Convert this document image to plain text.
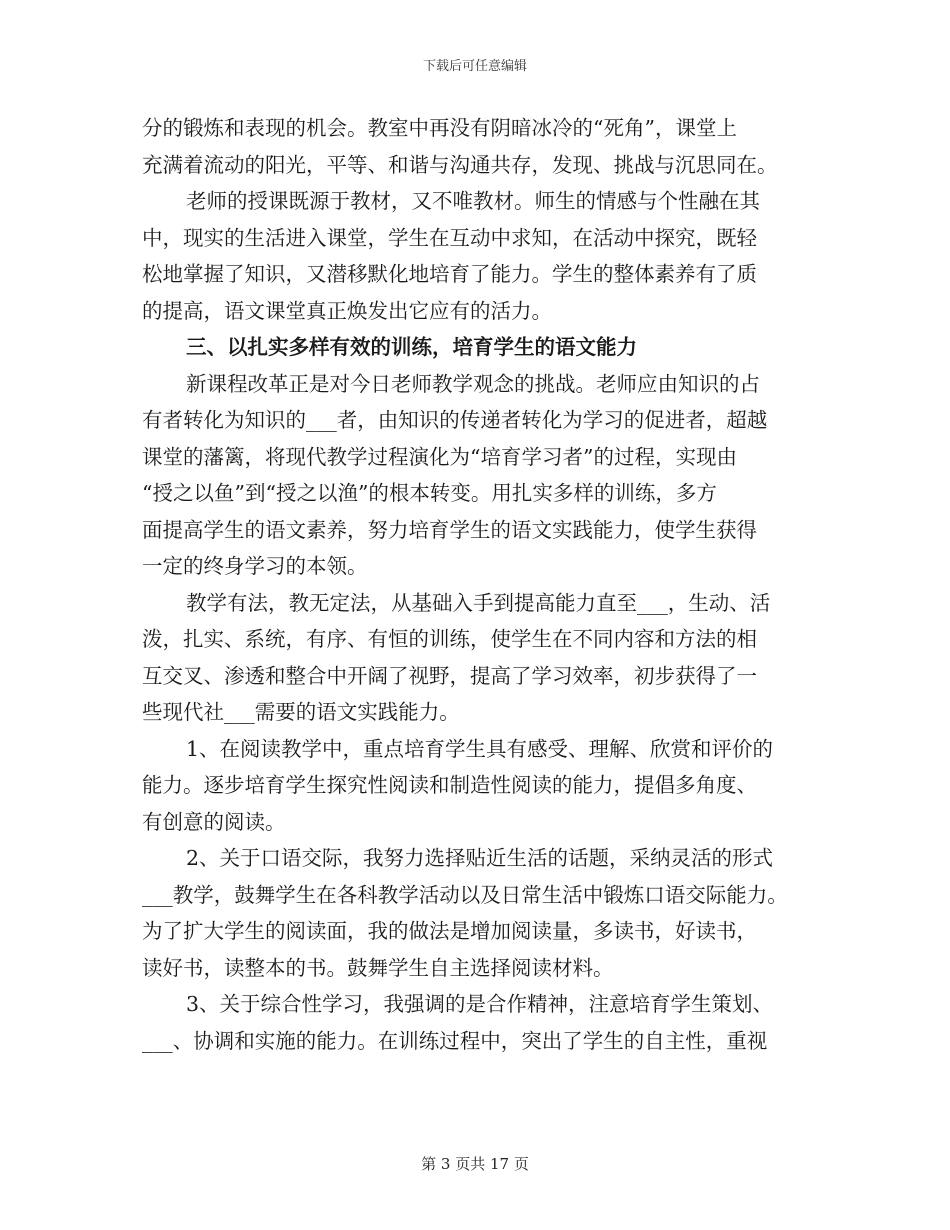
下载后可任意编辑
分的锻炼和表现的机会。教室中再没有阴暗冰冷的“死角”，课堂上
充满着流动的阳光，平等、和谐与沟通共存，发现、挑战与沉思同在。
老师的授课既源于教材，又不唯教材。师生的情感与个性融在其
中，现实的生活进入课堂，学生在互动中求知，在活动中探究，既轻
松地掌握了知识，又潜移默化地培育了能力。学生的整体素养有了质
的提高，语文课堂真正焕发出它应有的活力。
三、以扎实多样有效的训练，培育学生的语文能力
新课程改革正是对今日老师教学观念的挑战。老师应由知识的占
有者转化为知识的___者，由知识的传递者转化为学习的促进者，超越
课堂的藩篱，将现代教学过程演化为“培育学习者”的过程，实现由
“授之以鱼”到“授之以渔”的根本转变。用扎实多样的训练，多方
面提高学生的语文素养，努力培育学生的语文实践能力，使学生获得
一定的终身学习的本领。
教学有法，教无定法，从基础入手到提高能力直至___，生动、活
泼，扎实、系统，有序、有恒的训练，使学生在不同内容和方法的相
互交叉、渗透和整合中开阔了视野，提高了学习效率，初步获得了一
些现代社___需要的语文实践能力。
1、在阅读教学中，重点培育学生具有感受、理解、欣赏和评价的
能力。逐步培育学生探究性阅读和制造性阅读的能力，提倡多角度、
有创意的阅读。
2、关于口语交际，我努力选择贴近生活的话题，采纳灵活的形式
___教学，鼓舞学生在各科教学活动以及日常生活中锻炼口语交际能力。
为了扩大学生的阅读面，我的做法是增加阅读量，多读书，好读书，
读好书，读整本的书。鼓舞学生自主选择阅读材料。
3、关于综合性学习，我强调的是合作精神，注意培育学生策划、
___、协调和实施的能力。在训练过程中，突出了学生的自主性，重视
第 3 页共 17 页
